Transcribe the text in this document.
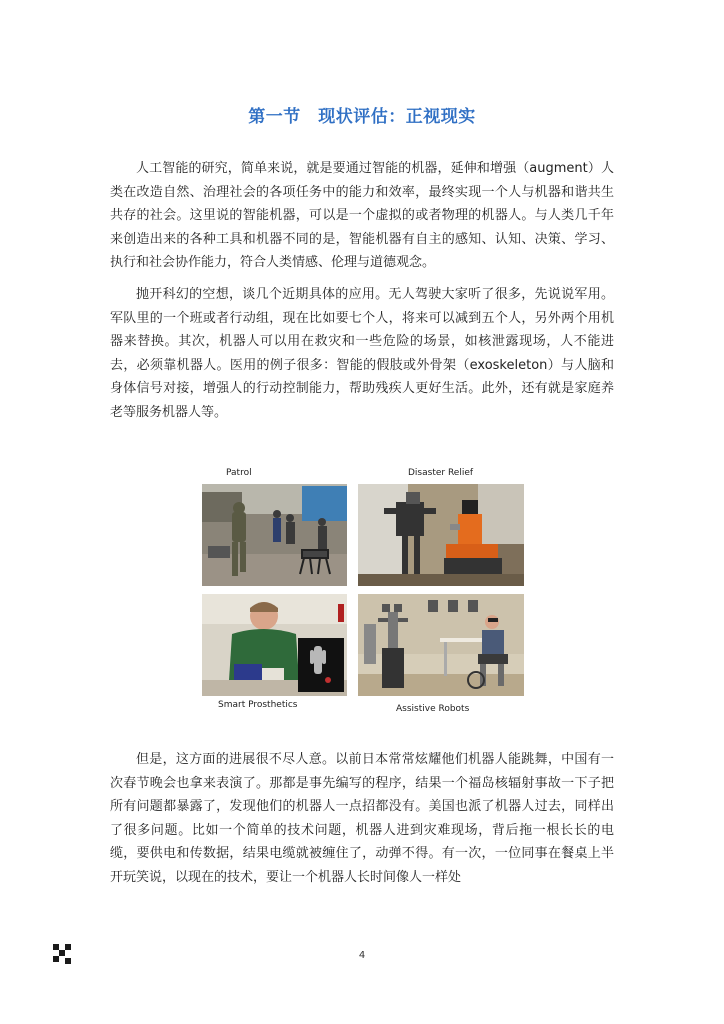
第一节　现状评估：正视现实

人工智能的研究，简单来说，就是要通过智能的机器，延伸和增强（augment）人类在改造自然、治理社会的各项任务中的能力和效率，最终实现一个人与机器和谐共生共存的社会。这里说的智能机器，可以是一个虚拟的或者物理的机器人。与人类几千年来创造出来的各种工具和机器不同的是，智能机器有自主的感知、认知、决策、学习、执行和社会协作能力，符合人类情感、伦理与道德观念。

抛开科幻的空想，谈几个近期具体的应用。无人驾驶大家听了很多，先说说军用。军队里的一个班或者行动组，现在比如要七个人，将来可以减到五个人，另外两个用机器来替换。其次，机器人可以用在救灾和一些危险的场景，如核泄露现场，人不能进去，必须靠机器人。医用的例子很多：智能的假肢或外骨架（exoskeleton）与人脑和身体信号对接，增强人的行动控制能力，帮助残疾人更好生活。此外，还有就是家庭养老等服务机器人等。

Patrol	Disaster Relief
Smart Prosthetics	Assistive Robots

但是，这方面的进展很不尽人意。以前日本常常炫耀他们机器人能跳舞，中国有一次春节晚会也拿来表演了。那都是事先编写的程序，结果一个福岛核辐射事故一下子把所有问题都暴露了，发现他们的机器人一点招都没有。美国也派了机器人过去，同样出了很多问题。比如一个简单的技术问题，机器人进到灾难现场，背后拖一根长长的电缆，要供电和传数据，结果电缆就被缠住了，动弹不得。有一次，一位同事在餐桌上半开玩笑说，以现在的技术，要让一个机器人长时间像人一样处

4
